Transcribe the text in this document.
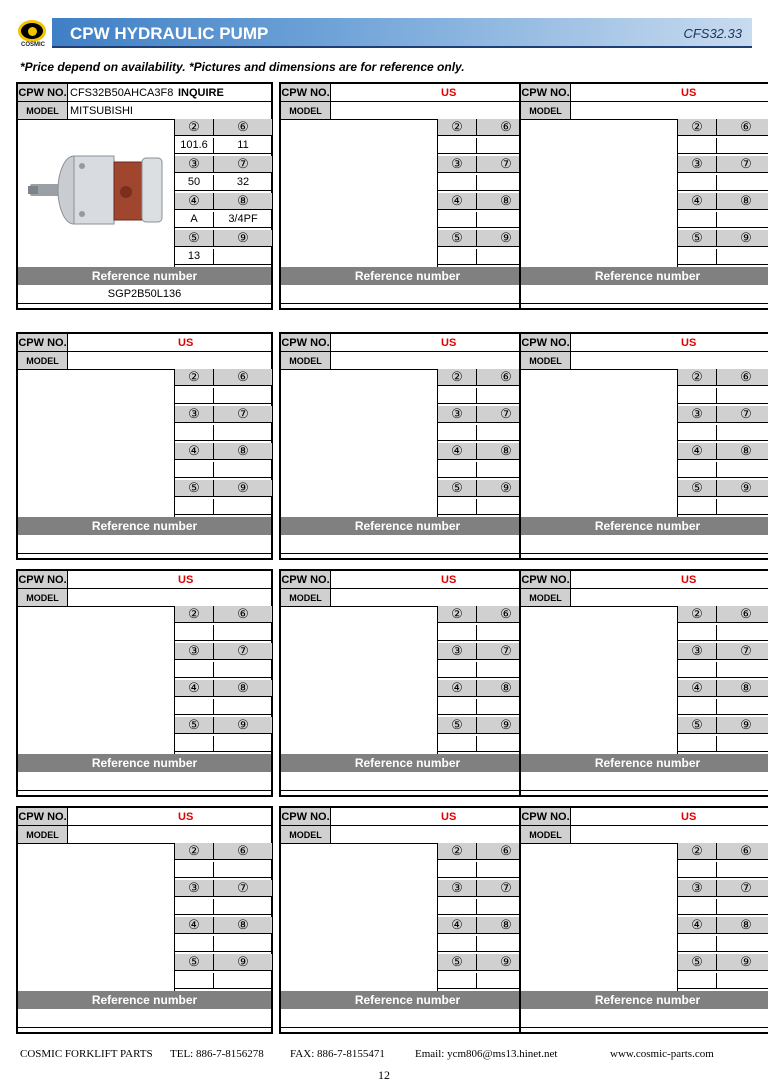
COSMIC
CPW HYDRAULIC PUMP	CFS32.33
*Price depend on availability. *Pictures and dimensions are for reference only.
CPW NO. CFS32B50AHCA3F8 INQUIRE
MODEL	MITSUBISHI
②	⑥
101.6	11
③	⑦
50	32
④	⑧
A	3/4PF
⑤	⑨
13
Reference number
SGP2B50L136
CPW NO.	US
MODEL
②	⑥
③	⑦
④	⑧
⑤	⑨
Reference number
CPW NO.	US
MODEL
②	⑥
③	⑦
④	⑧
⑤	⑨
Reference number
CPW NO.	US
MODEL
②	⑥
③	⑦
④	⑧
⑤	⑨
Reference number
CPW NO.	US
MODEL
②	⑥
③	⑦
④	⑧
⑤	⑨
Reference number
CPW NO.	US
MODEL
②	⑥
③	⑦
④	⑧
⑤	⑨
Reference number
CPW NO.	US
MODEL
②	⑥
③	⑦
④	⑧
⑤	⑨
Reference number
CPW NO.	US
MODEL
②	⑥
③	⑦
④	⑧
⑤	⑨
Reference number
CPW NO.	US
MODEL
②	⑥
③	⑦
④	⑧
⑤	⑨
Reference number
CPW NO.	US
MODEL
②	⑥
③	⑦
④	⑧
⑤	⑨
Reference number
CPW NO.	US
MODEL
②	⑥
③	⑦
④	⑧
⑤	⑨
Reference number
CPW NO.	US
MODEL
②	⑥
③	⑦
④	⑧
⑤	⑨
Reference number
COSMIC FORKLIFT PARTS TEL: 886-7-8156278 FAX: 886-7-8155471	Email: ycm806@ms13.hinet.net	www.cosmic-parts.com
12
